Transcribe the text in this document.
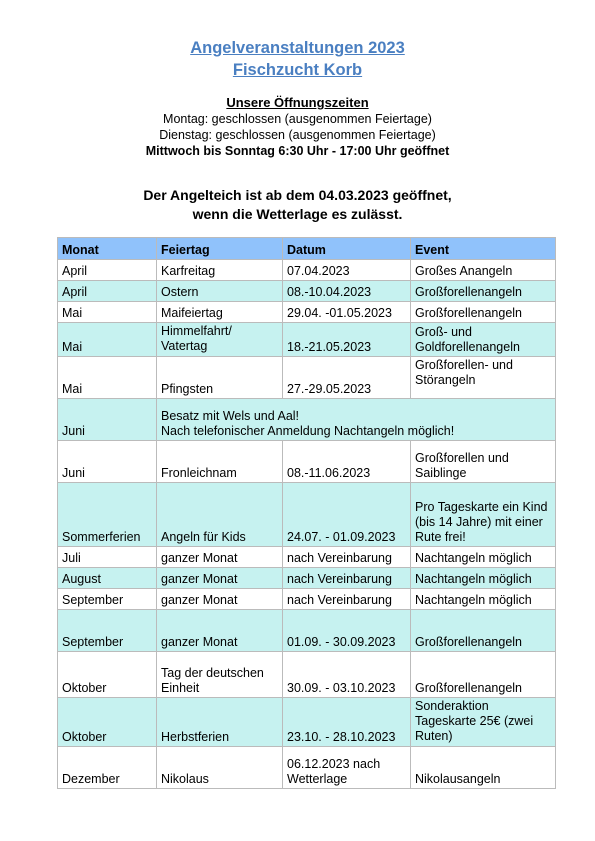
Angelveranstaltungen 2023
Fischzucht Korb
Unsere Öffnungszeiten
Montag: geschlossen (ausgenommen Feiertage)
Dienstag: geschlossen (ausgenommen Feiertage)
Mittwoch bis Sonntag 6:30 Uhr - 17:00 Uhr geöffnet
Der Angelteich ist ab dem 04.03.2023 geöffnet,
wenn die Wetterlage es zulässt.
Monat	Feiertag	Datum	Event
April	Karfreitag	07.04.2023	Großes Anangeln
April	Ostern	08.-10.04.2023	Großforellenangeln
Mai	Maifeiertag	29.04. -01.05.2023	Großforellenangeln
Mai	Himmelfahrt/ Vatertag	18.-21.05.2023	Groß- und Goldforellenangeln
Mai	Pfingsten	27.-29.05.2023	Großforellen- und Störangeln
Juni	Besatz mit Wels und Aal!
Nach telefonischer Anmeldung Nachtangeln möglich!		

Juni	Fronleichnam	08.-11.06.2023	Großforellen und Saiblinge
Sommerferien	Angeln für Kids	24.07. - 01.09.2023	Pro Tageskarte ein Kind (bis 14 Jahre) mit einer Rute frei!
Juli	ganzer Monat	nach Vereinbarung	Nachtangeln möglich
August	ganzer Monat	nach Vereinbarung	Nachtangeln möglich
September	ganzer Monat	nach Vereinbarung	Nachtangeln möglich
September	ganzer Monat	01.09. - 30.09.2023	Großforellenangeln
Oktober	Tag der deutschen Einheit	30.09. - 03.10.2023	Großforellenangeln
Oktober	Herbstferien	23.10. - 28.10.2023	Sonderaktion Tageskarte 25€ (zwei Ruten)
Dezember	Nikolaus	06.12.2023 nach Wetterlage	Nikolausangeln
